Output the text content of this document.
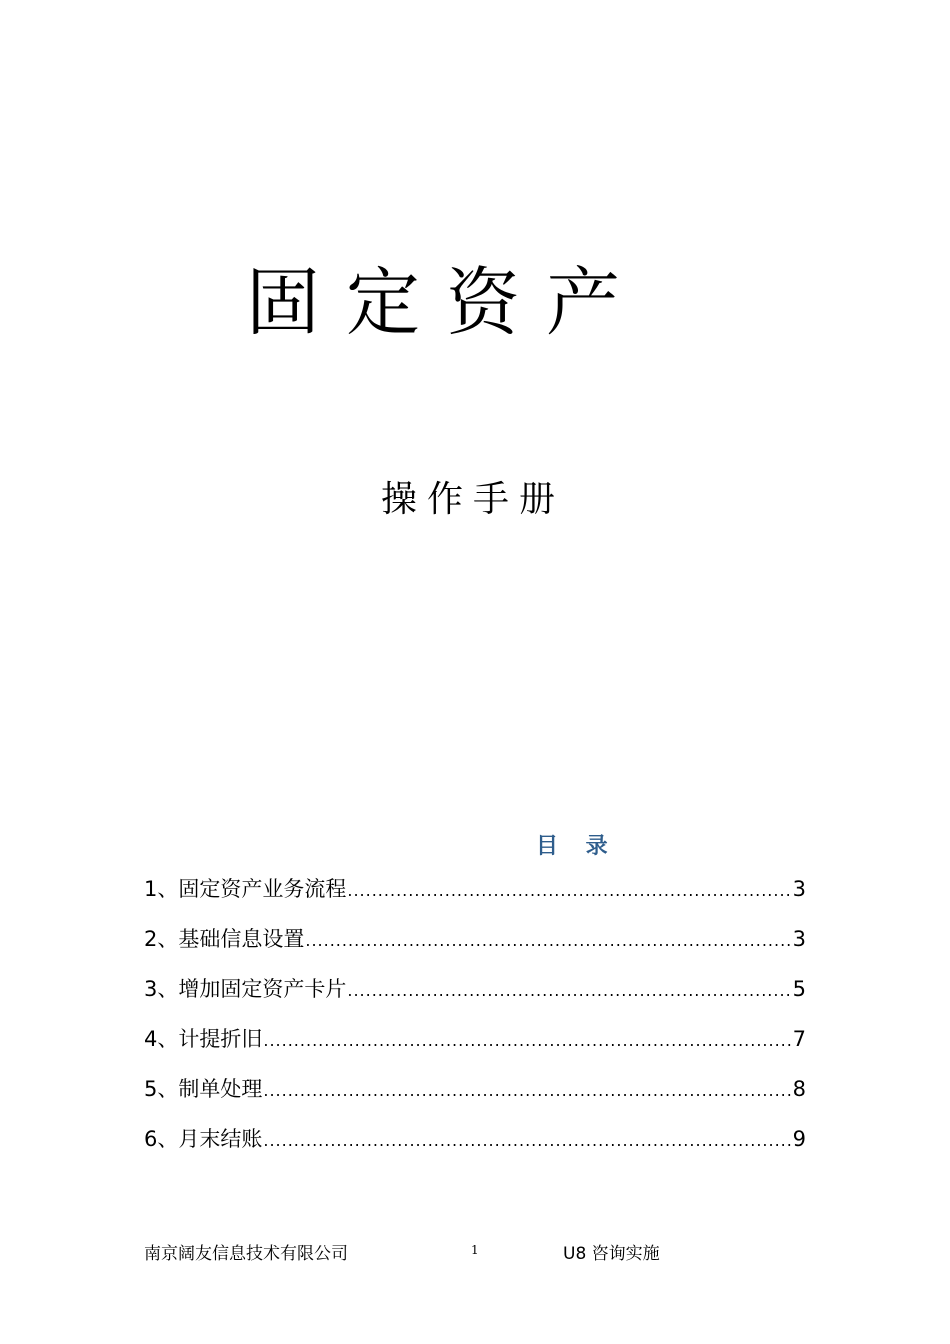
固定资产
操作手册
目 录
1、 固定资产业务流程 .....	3
2、 基础信息设置 .....	3
3、 增加固定资产卡片 .....	5
4、 计提折旧 .....	7
5、 制单处理 .....	8
6、 月末结账 .....	9
南京阔友信息技术有限公司	1	U8 咨询实施
